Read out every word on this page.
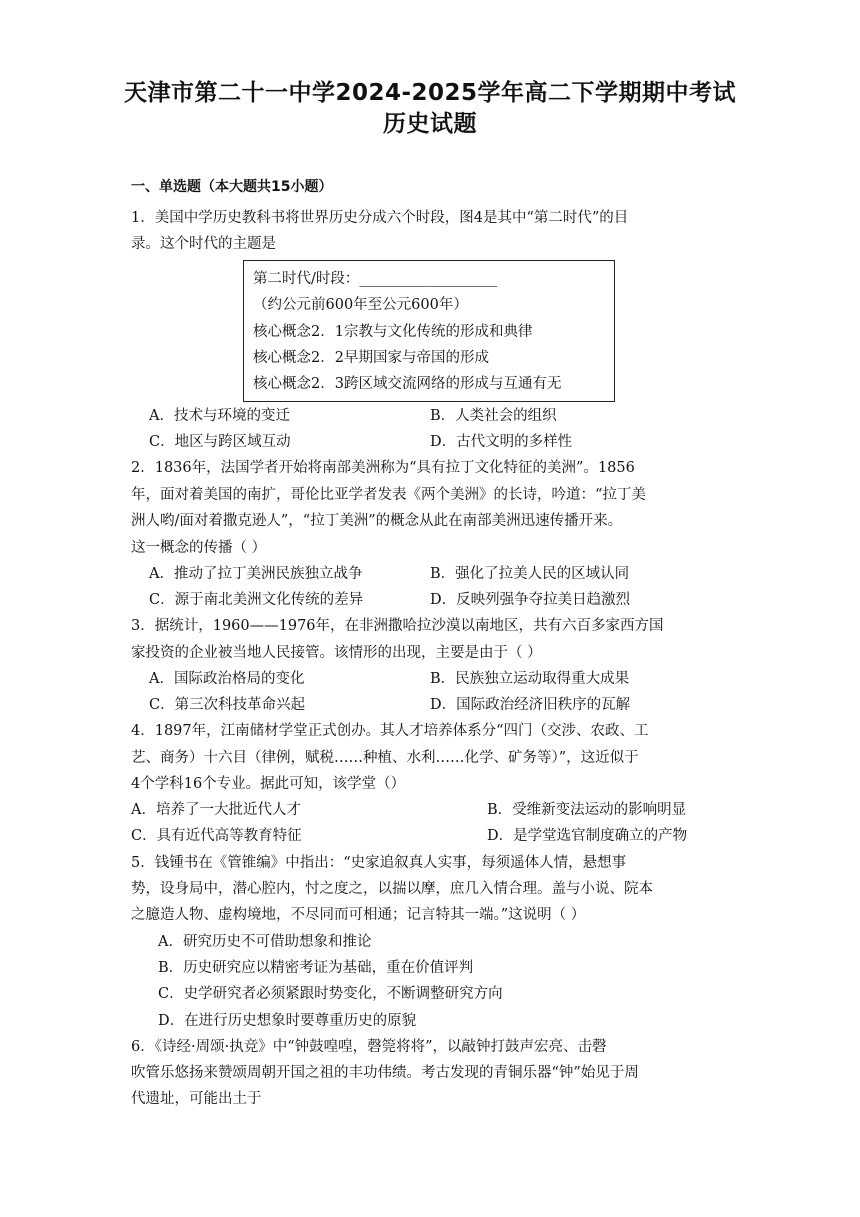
天津市第二十一中学2024-2025学年高二下学期期中考试
历史试题
一、单选题（本大题共15小题）
1．美国中学历史教科书将世界历史分成六个时段，图4是其中“第二时代”的目
录。这个时代的主题是
第二时代/时段：___________________
（约公元前600年至公元600年）
核心概念2．1宗教与文化传统的形成和典律
核心概念2．2早期国家与帝国的形成
核心概念2．3跨区域交流网络的形成与互通有无
A．技术与环境的变迁	B．人类社会的组织
C．地区与跨区域互动	D．古代文明的多样性
2．1836年，法国学者开始将南部美洲称为“具有拉丁文化特征的美洲”。1856
年，面对着美国的南扩，哥伦比亚学者发表《两个美洲》的长诗，吟道：“拉丁美
洲人哟/面对着撒克逊人”，“拉丁美洲”的概念从此在南部美洲迅速传播开来。
这一概念的传播（ ）
A．推动了拉丁美洲民族独立战争	B．强化了拉美人民的区域认同
C．源于南北美洲文化传统的差异	D．反映列强争夺拉美日趋激烈
3．据统计，1960——1976年，在非洲撒哈拉沙漠以南地区，共有六百多家西方国
家投资的企业被当地人民接管。该情形的出现，主要是由于（ ）
A．国际政治格局的变化	B．民族独立运动取得重大成果
C．第三次科技革命兴起	D．国际政治经济旧秩序的瓦解
4．1897年，江南储材学堂正式创办。其人才培养体系分“四门（交涉、农政、工
艺、商务）十六目（律例，赋税……种植、水利……化学、矿务等）”，这近似于
4个学科16个专业。据此可知，该学堂（）
A．培养了一大批近代人才	B．受维新变法运动的影响明显
C．具有近代高等教育特征	D．是学堂选官制度确立的产物
5．钱锺书在《管锥编》中指出：“史家追叙真人实事，每须遥体人情，悬想事
势，设身局中，潜心腔内，忖之度之，以揣以摩，庶几入情合理。盖与小说、院本
之臆造人物、虚构境地，不尽同而可相通；记言特其一端。”这说明（ ）
A．研究历史不可借助想象和推论
B．历史研究应以精密考证为基础，重在价值评判
C．史学研究者必须紧跟时势变化，不断调整研究方向
D．在进行历史想象时要尊重历史的原貌
6．《诗经·周颂·执竞》中“钟鼓喤喤，磬筦将将”，以敲钟打鼓声宏亮、击磬
吹管乐悠扬来赞颂周朝开国之祖的丰功伟绩。考古发现的青铜乐器“钟”始见于周
代遗址，可能出土于
